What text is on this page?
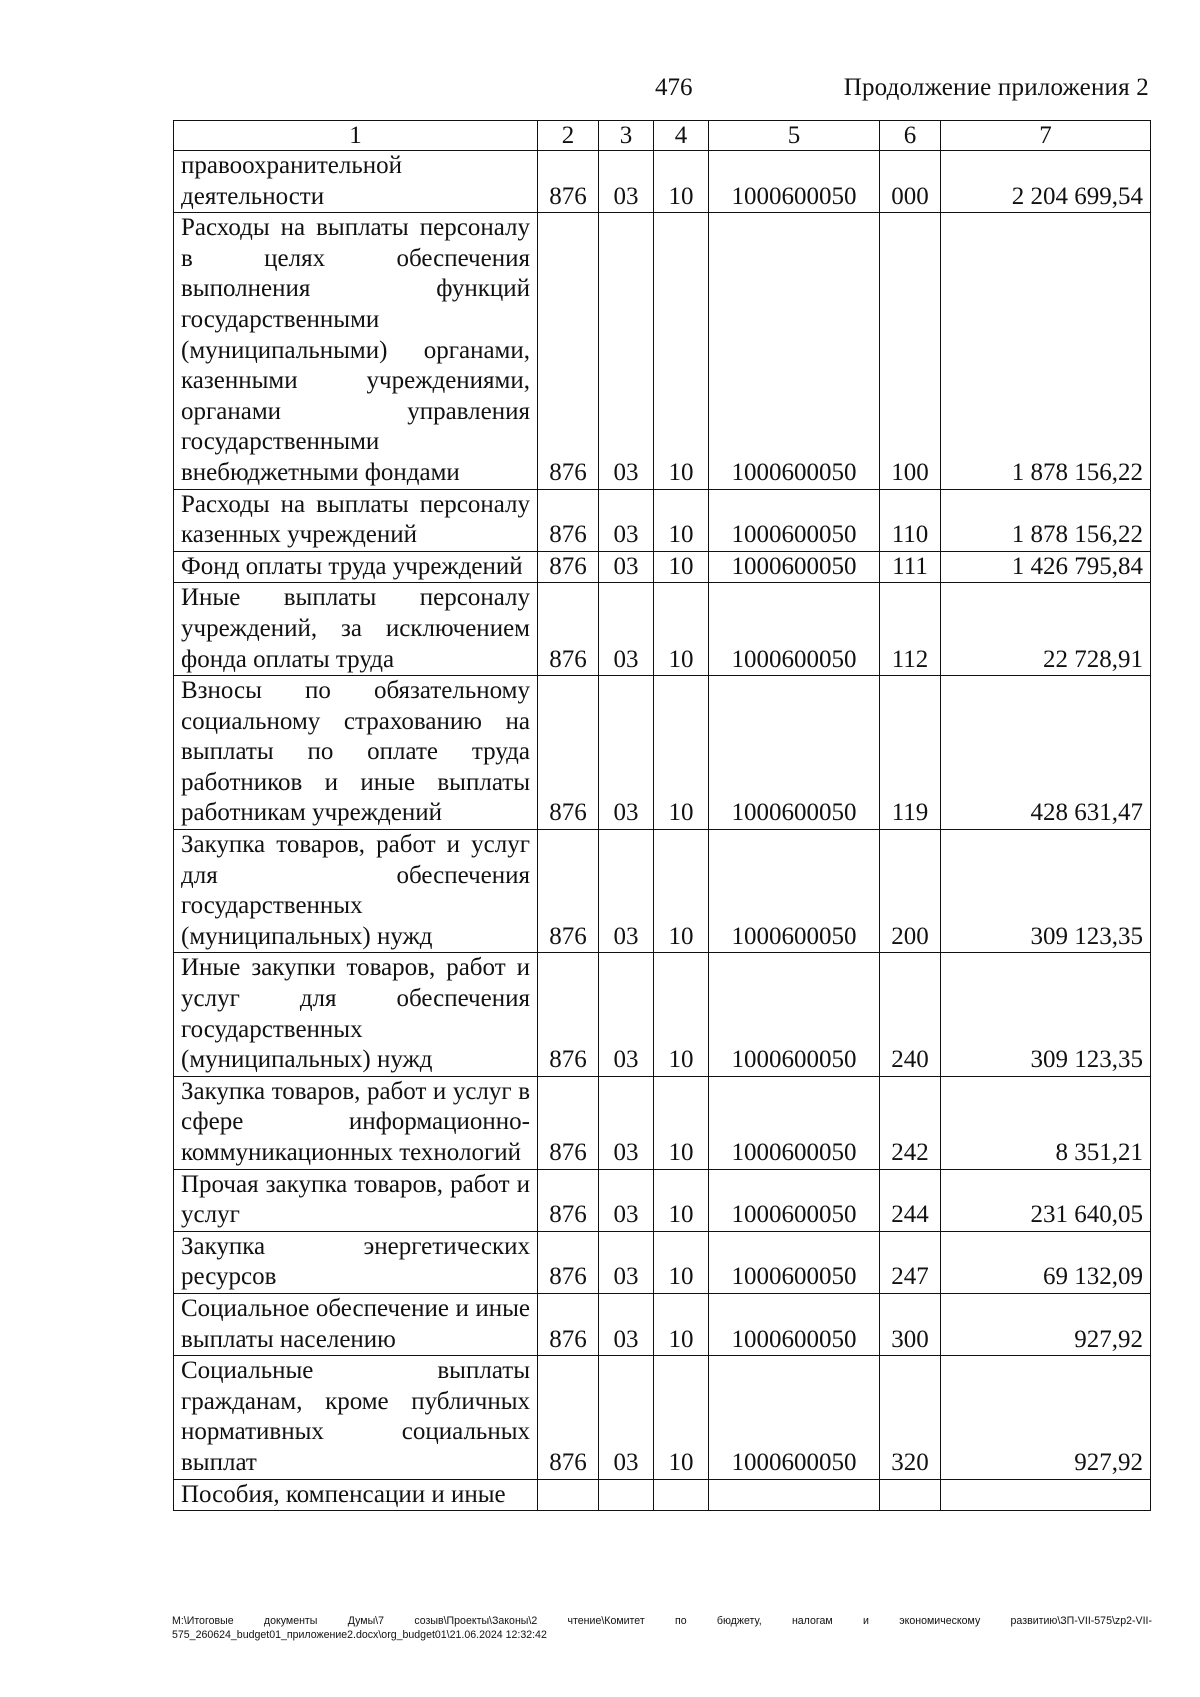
476	Продолжение приложения 2
1	2	3	4	5	6	7
правоохранительной деятельности	876	03	10	1000600050	000	2 204 699,54
Расходы на выплаты персоналу в целях обеспечения выполнения функций государственными (муниципальными) органами, казенными учреждениями, органами управления государственными внебюджетными фондами	876	03	10	1000600050	100	1 878 156,22
Расходы на выплаты персоналу казенных учреждений	876	03	10	1000600050	110	1 878 156,22
Фонд оплаты труда учреждений	876	03	10	1000600050	111	1 426 795,84
Иные выплаты персоналу учреждений, за исключением фонда оплаты труда	876	03	10	1000600050	112	22 728,91
Взносы по обязательному социальному страхованию на выплаты по оплате труда работников и иные выплаты работникам учреждений	876	03	10	1000600050	119	428 631,47
Закупка товаров, работ и услуг для обеспечения государственных (муниципальных) нужд	876	03	10	1000600050	200	309 123,35
Иные закупки товаров, работ и услуг для обеспечения государственных (муниципальных) нужд	876	03	10	1000600050	240	309 123,35
Закупка товаров, работ и услуг в сфере информационно-коммуникационных технологий	876	03	10	1000600050	242	8 351,21
Прочая закупка товаров, работ и услуг	876	03	10	1000600050	244	231 640,05
Закупка энергетических ресурсов	876	03	10	1000600050	247	69 132,09
Социальное обеспечение и иные выплаты населению	876	03	10	1000600050	300	927,92
Социальные выплаты гражданам, кроме публичных нормативных социальных выплат	876	03	10	1000600050	320	927,92
Пособия, компенсации и иные						
M:\Итоговые документы Думы\7 созыв\Проекты\Законы\2 чтение\Комитет по бюджету, налогам и экономическому развитию\ЗП-VII-575\zp2-VII-575_260624_budget01_приложение2.docx\org_budget01\21.06.2024 12:32:42
